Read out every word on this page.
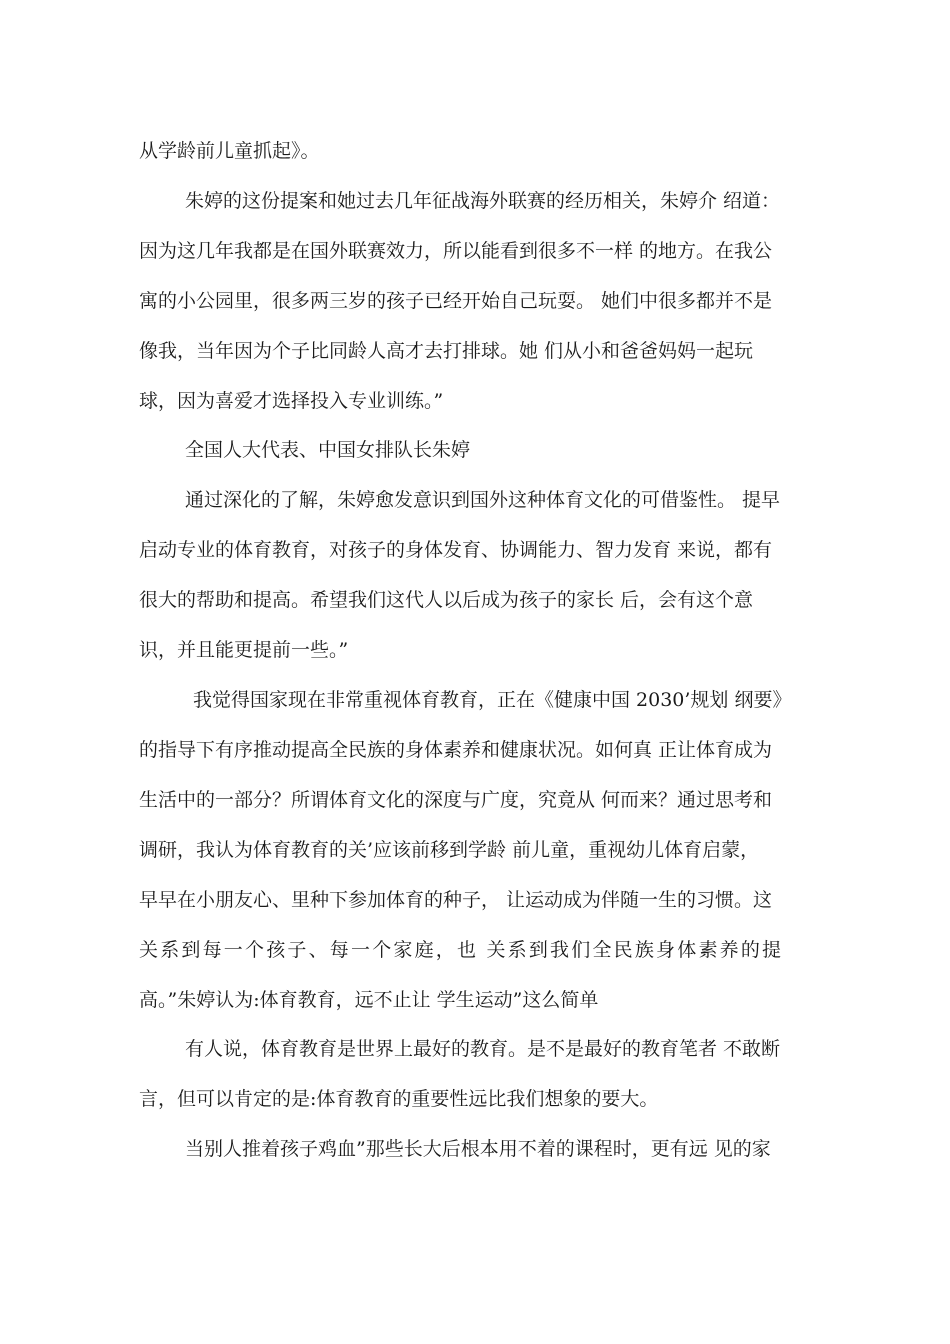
从学龄前儿童抓起》。
朱婷的这份提案和她过去几年征战海外联赛的经历相关，朱婷介 绍道：
因为这几年我都是在国外联赛效力，所以能看到很多不一样 的地方。在我公
寓的小公园里，很多两三岁的孩子已经开始自己玩耍。 她们中很多都并不是
像我，当年因为个子比同龄人高才去打排球。她 们从小和爸爸妈妈一起玩
球，因为喜爱才选择投入专业训练。”
全国人大代表、中国女排队长朱婷
通过深化的了解，朱婷愈发意识到国外这种体育文化的可借鉴性。 提早
启动专业的体育教育，对孩子的身体发育、协调能力、智力发育 来说，都有
很大的帮助和提高。希望我们这代人以后成为孩子的家长 后，会有这个意
识，并且能更提前一些。”
我觉得国家现在非常重视体育教育，正在《健康中国 2030’规划 纲要》
的指导下有序推动提高全民族的身体素养和健康状况。如何真 正让体育成为
生活中的一部分？所谓体育文化的深度与广度，究竟从 何而来？通过思考和
调研，我认为体育教育的关’应该前移到学龄 前儿童，重视幼儿体育启蒙，
早早在小朋友心、里种下参加体育的种子， 让运动成为伴随一生的习惯。这
关系到每一个孩子、每一个家庭，也 关系到我们全民族身体素养的提
高。”朱婷认为:体育教育，远不止让 学生运动”这么简单
有人说，体育教育是世界上最好的教育。是不是最好的教育笔者 不敢断
言，但可以肯定的是:体育教育的重要性远比我们想象的要大。
当别人推着孩子鸡血”那些长大后根本用不着的课程时，更有远 见的家
